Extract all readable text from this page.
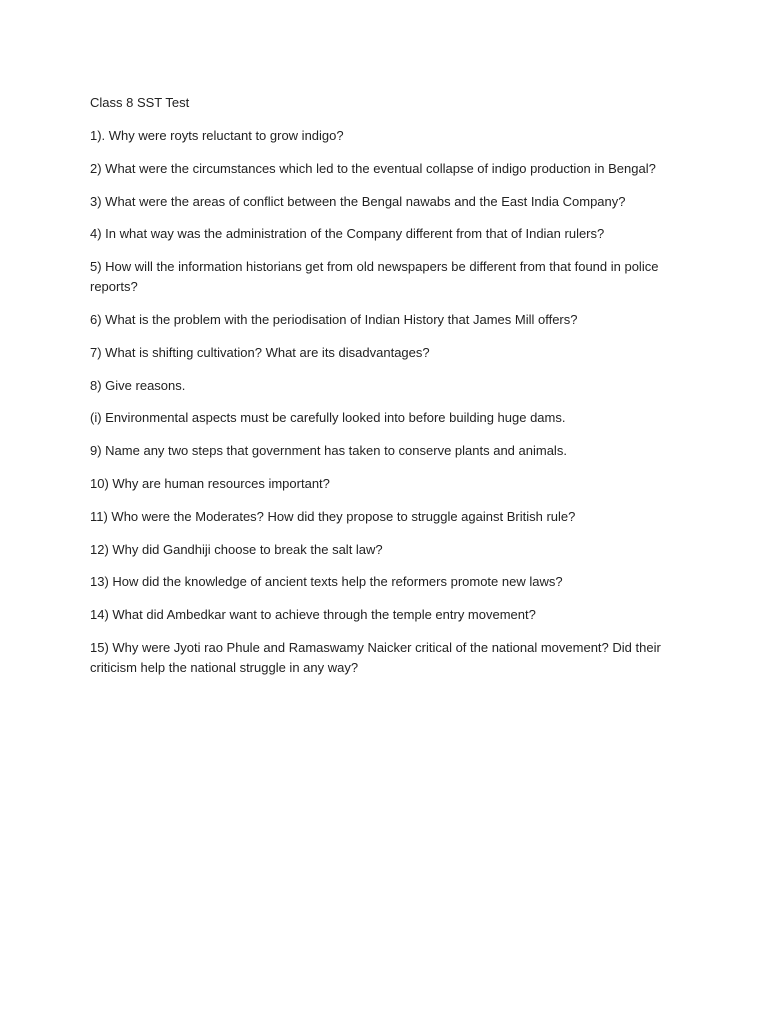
Class 8 SST Test

1). Why were royts reluctant to grow indigo?

2) What were the circumstances which led to the eventual collapse of indigo production in Bengal?

3) What were the areas of conflict between the Bengal nawabs and the East India Company?

4) In what way was the administration of the Company different from that of Indian rulers?

5) How will the information historians get from old newspapers be different from that found in police reports?

6) What is the problem with the periodisation of Indian History that James Mill offers?

7) What is shifting cultivation? What are its disadvantages?

8) Give reasons.

(i) Environmental aspects must be carefully looked into before building huge dams.

9) Name any two steps that government has taken to conserve plants and animals.

10) Why are human resources important?

11) Who were the Moderates? How did they propose to struggle against British rule?

12) Why did Gandhiji choose to break the salt law?

13) How did the knowledge of ancient texts help the reformers promote new laws?

14) What did Ambedkar want to achieve through the temple entry movement?

15) Why were Jyoti rao Phule and Ramaswamy Naicker critical of the national movement? Did their criticism help the national struggle in any way?
